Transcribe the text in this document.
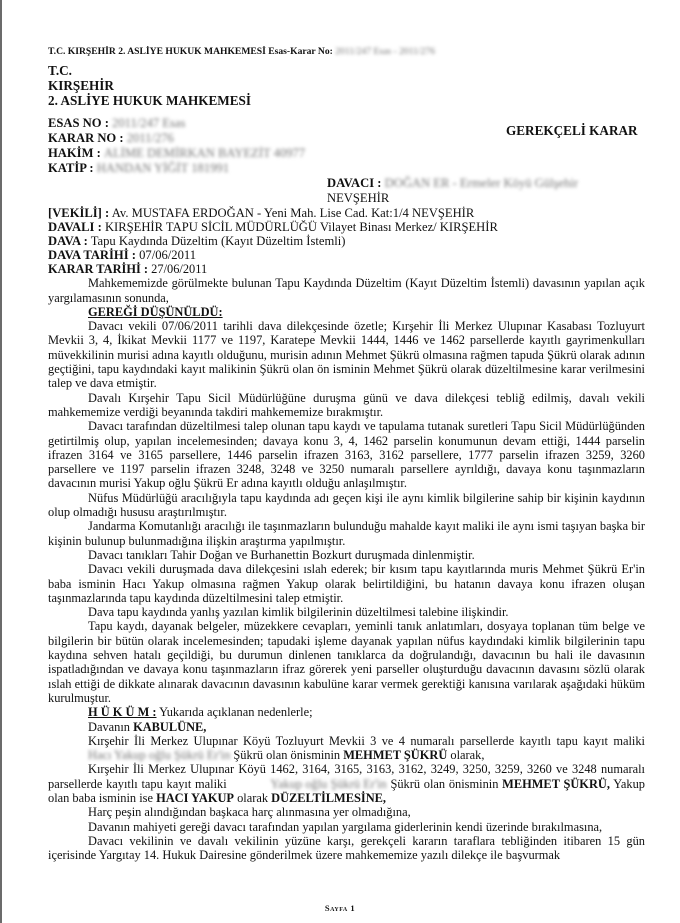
T.C. KIRŞEHİR 2. ASLİYE HUKUK MAHKEMESİ Esas-Karar No: 2011/247 Esas - 2011/276
T.C.
KIRŞEHİR
2. ASLİYE HUKUK MAHKEMESİ
GEREKÇELİ KARAR
ESAS NO : 2011/247 Esas
KARAR NO : 2011/276
HAKİM : ALİME DEMİRKAN BAYEZİT 40977
KATİP : HANDAN YİĞİT 181991
DAVACI : DOĞAN ER - Ermeler Köyü Gülşehir
NEVŞEHİR
[VEKİLİ] : Av. MUSTAFA ERDOĞAN - Yeni Mah. Lise Cad. Kat:1/4 NEVŞEHİR
DAVALI : KIRŞEHİR TAPU SİCİL MÜDÜRLÜĞÜ Vilayet Binası Merkez/ KIRŞEHİR
DAVA : Tapu Kaydında Düzeltim (Kayıt Düzeltim İstemli)
DAVA TARİHİ : 07/06/2011

KARAR TARİHİ : 27/06/2011

Mahkememizde görülmekte bulunan Tapu Kaydında Düzeltim (Kayıt Düzeltim İstemli) davasının yapılan açık yargılamasının sonunda,

GEREĞİ DÜŞÜNÜLDÜ:

Davacı vekili 07/06/2011 tarihli dava dilekçesinde özetle; Kırşehir İli Merkez Ulupınar Kasabası Tozluyurt Mevkii 3, 4, İkikat Mevkii 1177 ve 1197, Karatepe Mevkii 1444, 1446 ve 1462 parsellerde kayıtlı gayrimenkulları müvekkilinin murisi adına kayıtlı olduğunu, murisin adının Mehmet Şükrü olmasına rağmen tapuda Şükrü olarak adının geçtiğini, tapu kaydındaki kayıt malikinin Şükrü olan ön isminin Mehmet Şükrü olarak düzeltilmesine karar verilmesini talep ve dava etmiştir.

Davalı Kırşehir Tapu Sicil Müdürlüğüne duruşma günü ve dava dilekçesi tebliğ edilmiş, davalı vekili mahkememize verdiği beyanında takdiri mahkememize bırakmıştır.

Davacı tarafından düzeltilmesi talep olunan tapu kaydı ve tapulama tutanak suretleri Tapu Sicil Müdürlüğünden getirtilmiş olup, yapılan incelemesinden; davaya konu 3, 4, 1462 parselin konumunun devam ettiği, 1444 parselin ifrazen 3164 ve 3165 parsellere, 1446 parselin ifrazen 3163, 3162 parsellere, 1777 parselin ifrazen 3259, 3260 parsellere ve 1197 parselin ifrazen 3248, 3248 ve 3250 numaralı parsellere ayrıldığı, davaya konu taşınmazların davacının murisi Yakup oğlu Şükrü Er adına kayıtlı olduğu anlaşılmıştır.

Nüfus Müdürlüğü aracılığıyla tapu kaydında adı geçen kişi ile aynı kimlik bilgilerine sahip bir kişinin kaydının olup olmadığı hususu araştırılmıştır.

Jandarma Komutanlığı aracılığı ile taşınmazların bulunduğu mahalde kayıt maliki ile aynı ismi taşıyan başka bir kişinin bulunup bulunmadığına ilişkin araştırma yapılmıştır.

Davacı tanıkları Tahir Doğan ve Burhanettin Bozkurt duruşmada dinlenmiştir.

Davacı vekili duruşmada dava dilekçesini ıslah ederek; bir kısım tapu kayıtlarında muris Mehmet Şükrü Er'in baba isminin Hacı Yakup olmasına rağmen Yakup olarak belirtildiğini, bu hatanın davaya konu ifrazen oluşan taşınmazlarında tapu kaydında düzeltilmesini talep etmiştir.

Dava tapu kaydında yanlış yazılan kimlik bilgilerinin düzeltilmesi talebine ilişkindir.

Tapu kaydı, dayanak belgeler, müzekkere cevapları, yeminli tanık anlatımları, dosyaya toplanan tüm belge ve bilgilerin bir bütün olarak incelemesinden; tapudaki işleme dayanak yapılan nüfus kaydındaki kimlik bilgilerinin tapu kaydına sehven hatalı geçildiği, bu durumun dinlenen tanıklarca da doğrulandığı, davacının bu hali ile davasının ispatladığından ve davaya konu taşınmazların ifraz görerek yeni parseller oluşturduğu davacının davasını sözlü olarak ıslah ettiği de dikkate alınarak davacının davasının kabulüne karar vermek gerektiği kanısına varılarak aşağıdaki hüküm kurulmuştur.

H Ü K Ü M : Yukarıda açıklanan nedenlerle;

Davanın KABULÜNE,

Kırşehir İli Merkez Ulupınar Köyü Tozluyurt Mevkii 3 ve 4 numaralı parsellerde kayıtlı tapu kayıt maliki Hacı Yakup oğlu Şükrü Er'in Şükrü olan önisminin MEHMET ŞÜKRÜ olarak,

Kırşehir İli Merkez Ulupınar Köyü 1462, 3164, 3165, 3163, 3162, 3249, 3250, 3259, 3260 ve 3248 numaralı parsellerde kayıtlı tapu kayıt maliki	Yakup oğlu Şükrü Er'in Şükrü olan önisminin MEHMET ŞÜKRÜ, Yakup olan baba isminin ise HACI YAKUP olarak DÜZELTİLMESİNE,

Harç peşin alındığından başkaca harç alınmasına yer olmadığına,

Davanın mahiyeti gereği davacı tarafından yapılan yargılama giderlerinin kendi üzerinde bırakılmasına,

Davacı vekilinin ve davalı vekilinin yüzüne karşı, gerekçeli kararın taraflara tebliğinden itibaren 15 gün içerisinde Yargıtay 14. Hukuk Dairesine gönderilmek üzere mahkememize yazılı dilekçe ile başvurmak

Sayfa 1
